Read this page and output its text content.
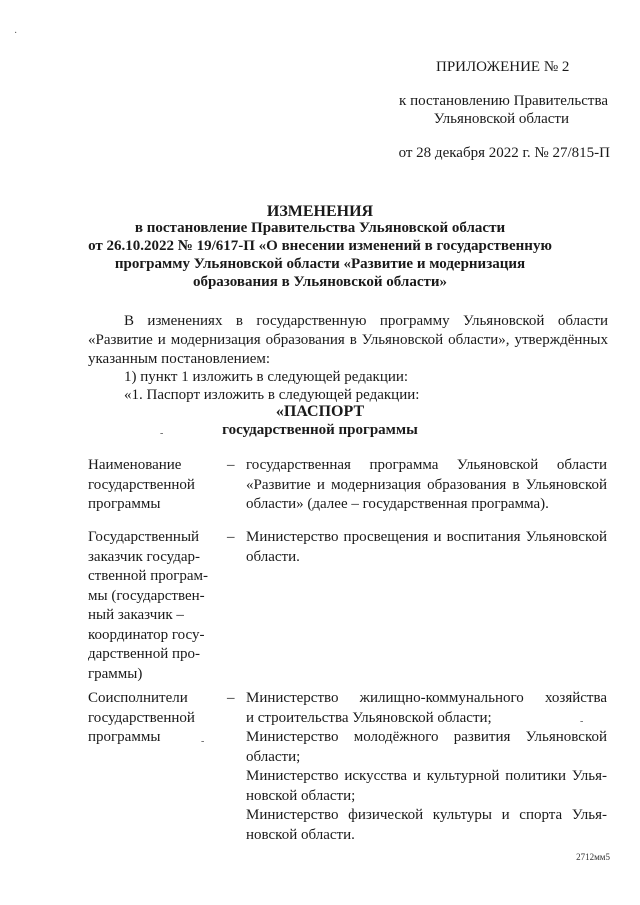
ПРИЛОЖЕНИЕ № 2
к постановлению Правительства
Ульяновской области
от 28 декабря 2022 г. № 27/815-П
ИЗМЕНЕНИЯ
в постановление Правительства Ульяновской области
от 26.10.2022 № 19/617-П «О внесении изменений в государственную
программу Ульяновской области «Развитие и модернизация
образования в Ульяновской области»
В изменениях в государственную программу Ульяновской области
«Развитие и модернизация образования в Ульяновской области», утверждённых
указанным постановлением:
1) пункт 1 изложить в следующей редакции:
«1. Паспорт изложить в следующей редакции:
«ПАСПОРТ
государственной программы
Наименование
государственной
программы
– государственная программа Ульяновской области
«Развитие и модернизация образования в Ульяновской
области» (далее – государственная программа).
Государственный
заказчик государ-
ственной програм-
мы (государствен-
ный заказчик –
координатор госу-
дарственной про-
граммы)
– Министерство просвещения и воспитания Ульяновской
области.
Соисполнители
государственной
программы
– Министерство жилищно-коммунального хозяйства
и строительства Ульяновской области;
Министерство молодёжного развития Ульяновской
области;
Министерство искусства и культурной политики Улья-
новской области;
Министерство физической культуры и спорта Улья-
новской области.
·
-
-
-
2712мм5
